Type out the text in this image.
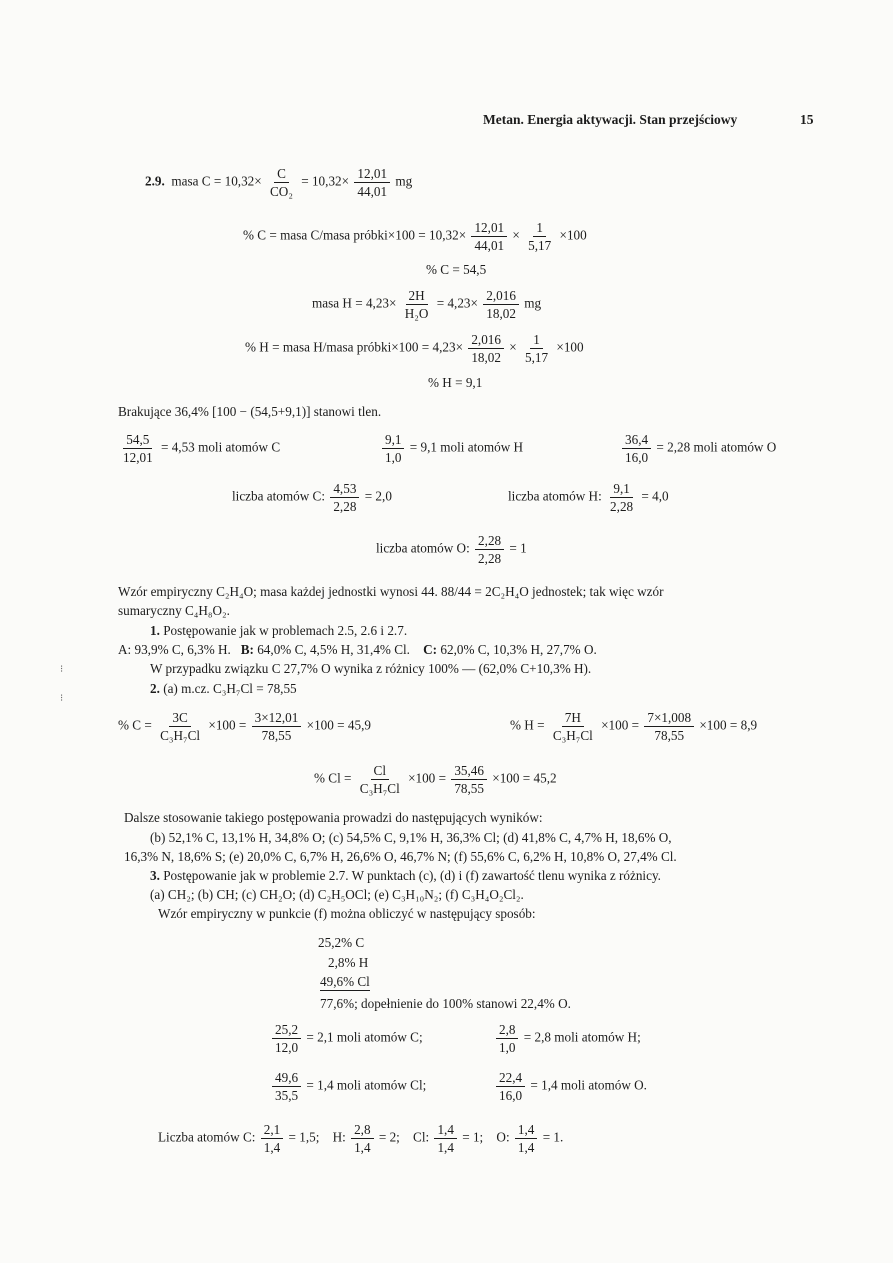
Metan. Energia aktywacji. Stan przejściowy	15
⁝
⁝
2.9. masa $C = 10,32\times \frac{C}{\text{CO₂}} = 10,32\times \frac{12,01}{44,01}$ mg
% C = masa C/masa próbki×100 = $10,32\times \frac{12,01}{44,01} \times \frac{1}{5,17} \times 100$
% C = 54,5
masa $H = 4,23\times \frac{2H}{\text{H₂O}} = 4,23\times \frac{2,016}{18,02}$ mg
% H = masa H/masa próbki×100 = $4,23\times \frac{2,016}{18,02} \times \frac{1}{5,17} \times 100$
% H = 9,1
Brakujące 36,4% [100 − (54,5+9,1)] stanowi tlen.
$\frac{54,5}{12,01} = 4,53$ moli atomów C	$\frac{9,1}{1,0} = 9,1$ moli atomów H	$\frac{36,4}{16,0} = 2,28$ moli atomów O
liczba atomów C: $\frac{4,53}{2,28} = 2,0$	liczba atomów H: $\frac{9,1}{2,28} = 4,0$
liczba atomów O: $\frac{2,28}{2,28} = 1$
Wzór empiryczny C₂H₄O; masa każdej jednostki wynosi 44. 88/44 = 2C₂H₄O jednostek; tak więc wzór
sumaryczny C₄H₈O₂.
1. Postępowanie jak w problemach 2.5, 2.6 i 2.7.
A: 93,9% C, 6,3% H. B: 64,0% C, 4,5% H, 31,4% Cl. C: 62,0% C, 10,3% H, 27,7% O.
W przypadku związku C 27,7% O wynika z różnicy 100% — (62,0% C+10,3% H).
2. (a) m.cz. C₃H₇Cl = 78,55
% $C = \frac{3C}{\text{C₃H₇Cl}} \times 100 = \frac{3\times 12,01}{78,55} \times 100 = 45,9$	% $H = \frac{7H}{\text{C₃H₇Cl}} \times 100 = \frac{7\times 1,008}{78,55} \times 100 = 8,9$
% $Cl = \frac{Cl}{\text{C₃H₇Cl}} \times 100 = \frac{35,46}{78,55} \times 100 = 45,2$
Dalsze stosowanie takiego postępowania prowadzi do następujących wyników:
(b) 52,1% C, 13,1% H, 34,8% O; (c) 54,5% C, 9,1% H, 36,3% Cl; (d) 41,8% C, 4,7% H, 18,6% O,
16,3% N, 18,6% S; (e) 20,0% C, 6,7% H, 26,6% O, 46,7% N; (f) 55,6% C, 6,2% H, 10,8% O, 27,4% Cl.
3. Postępowanie jak w problemie 2.7. W punktach (c), (d) i (f) zawartość tlenu wynika z różnicy.
(a) CH₂; (b) CH; (c) CH₂O; (d) C₂H₅OCl; (e) C₃H₁₀N₂; (f) C₃H₄O₂Cl₂.
Wzór empiryczny w punkcie (f) można obliczyć w następujący sposób:
25,2% C
2,8% H
49,6% Cl
77,6%; dopełnienie do 100% stanowi 22,4% O.
$\frac{25,2}{12,0} = 2,1$ moli atomów C;	$\frac{2,8}{1,0} = 2,8$ moli atomów H;
$\frac{49,6}{35,5} = 1,4$ moli atomów Cl;	$\frac{22,4}{16,0} = 1,4$ moli atomów O.
Liczba atomów C: $\frac{2,1}{1,4} = 1,5$; H: $\frac{2,8}{1,4} = 2$; Cl: $\frac{1,4}{1,4} = 1$; O: $\frac{1,4}{1,4} = 1$.
